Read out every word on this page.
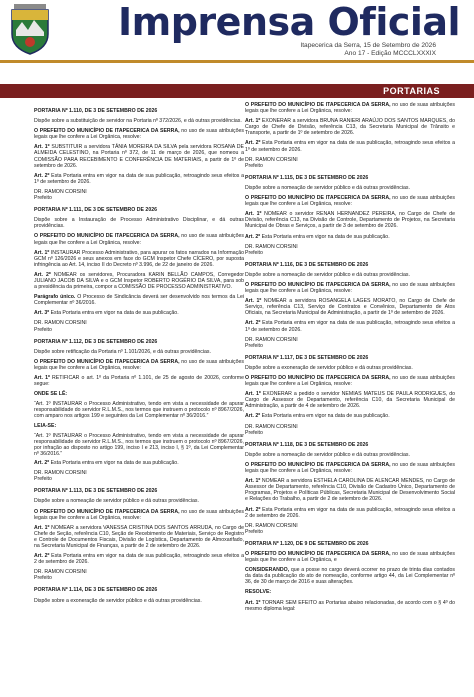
Imprensa Oficial
Itapecerica da Serra, 15 de Setembro de 2026
Ano 17 - Edição MCCCLXXXIX
PORTARIAS

PORTARIA Nº 1.110, DE 3 DE SETEMBRO DE 2026

Dispõe sobre a substituição de servidor na Portaria nº 372/2026, e dá outras providências.

O PREFEITO DO MUNICÍPIO DE ITAPECERICA DA SERRA, no uso de suas atribuições legais que lhe confere a Lei Orgânica, resolve:

Art. 1º SUBSTITUIR a servidora TÂNIA MOREIRA DA SILVA pela servidora ROSANA DE ALMEIDA CELESTINO, na Portaria nº 372, de 11 de março de 2026, que nomeou a COMISSÃO PARA RECEBIMENTO E CONFERÊNCIA DE MATERIAIS, a partir de 1º de setembro de 2026.

Art. 2º Esta Portaria entra em vigor na data de sua publicação, retroagindo seus efeitos a 1º de setembro de 2026.

DR. RAMON CORSINI

Prefeito

PORTARIA Nº 1.111, DE 3 DE SETEMBRO DE 2026

Dispõe sobre a Instauração de Processo Administrativo Disciplinar, e dá outras providências.

O PREFEITO DO MUNICÍPIO DE ITAPECERICA DA SERRA, no uso de suas atribuições legais que lhe confere a Lei Orgânica, resolve:

Art. 1º INSTAURAR Processo Administrativo, para apurar os fatos narrados na Informação GCM nº 126/2026 e seus anexos em face do GCM Inspetor Chefe CÍCERO, por suposta infringência ao Art. 14, inciso II do Decreto nº 3.996, de 22 de janeiro de 2026.

Art. 2º NOMEAR os servidores, Procuradora KARIN BELLÃO CAMPOS, Corregedor JULIANO JACOB DA SILVA e o GCM Inspetor ROBERTO ROGÉRIO DA SILVA, para sob a presidência da primeira, compor a COMISSÃO DE PROCESSO ADMINISTRATIVO.

Parágrafo único. O Processo de Sindicância deverá ser desenvolvido nos termos da Lei Complementar nº 36/2016.

Art. 3º Esta Portaria entra em vigor na data de sua publicação.

DR. RAMON CORSINI

Prefeito

PORTARIA Nº 1.112, DE 3 DE SETEMBRO DE 2026

Dispõe sobre retificação da Portaria nº 1.101/2026, e dá outras providências.

O PREFEITO DO MUNICÍPIO DE ITAPECERICA DA SERRA, no uso de suas atribuições legais que lhe confere a Lei Orgânica, resolve:

Art. 1º RETIFICAR o art. 1º da Portaria nº 1.101, de 25 de agosto de 20026, conforme segue:

ONDE SE LÊ:

“Art. 1º INSTAURAR o Processo Administrativo, tendo em vista a necessidade de apurar responsabilidade do servidor R.L.M.S., nos termos que instruem o protocolo nº 8967/2026, com amparo nos artigos 199 e seguintes da Lei Complementar nº 36/2016.”

LEIA-SE:

“Art. 1º INSTAURAR o Processo Administrativo, tendo em vista a necessidade de apurar responsabilidade do servidor R.L.M.S., nos termos que instruem o protocolo nº 8967/2026, por infração ao disposto no artigo 199, inciso I e 213, inciso I, § 1º, da Lei Complementar nº 36/2016.”

Art. 2º Esta Portaria entra em vigor na data de sua publicação.

DR. RAMON CORSINI

Prefeito

PORTARIA Nº 1.113, DE 3 DE SETEMBRO DE 2026

Dispõe sobre a nomeação de servidor público e dá outras providências.

O PREFEITO DO MUNICÍPIO DE ITAPECERICA DA SERRA, no uso de suas atribuições legais que lhe confere a Lei Orgânica, resolve:

Art. 1º NOMEAR a servidora VANESSA CRISTINA DOS SANTOS ARRUDA, no Cargo de Chefe de Seção, referência C10, Seção de Recebimento de Materiais, Serviço de Registro e Controle de Documentos Fiscais, Divisão de Logística, Departamento de Almoxarifado, na Secretaria Municipal de Finanças, a partir de 2 de setembro de 2026.

Art. 2º Esta Portaria entra em vigor na data de sua publicação, retroagindo seus efeitos a 2 de setembro de 2026.

DR. RAMON CORSINI

Prefeito

PORTARIA Nº 1.114, DE 3 DE SETEMBRO DE 2026

Dispõe sobre a exoneração de servidor público e dá outras providências.

O PREFEITO DO MUNICÍPIO DE ITAPECERICA DA SERRA, no uso de suas atribuições legais que lhe confere a Lei Orgânica, resolve:

Art. 1º EXONERAR a servidora BRUNA RANIERI ARAÚJO DOS SANTOS MARQUES, do Cargo de Chefe de Divisão, referência C13, da Secretaria Municipal de Trânsito e Transporte, a partir de 1º de setembro de 2026.

Art. 2º Esta Portaria entra em vigor na data de sua publicação, retroagindo seus efeitos a 1º de setembro de 2026.

DR. RAMON CORSINI

Prefeito

PORTARIA Nº 1.115, DE 3 DE SETEMBRO DE 2026

Dispõe sobre a nomeação de servidor público e dá outras providências.

O PREFEITO DO MUNICÍPIO DE ITAPECERICA DA SERRA, no uso de suas atribuições legais que lhe confere a Lei Orgânica, resolve:

Art. 1º NOMEAR o servidor RENAN HERNANDEZ PEREIRA, no Cargo de Chefe de Divisão, referência C13, na Divisão de Controle, Departamento de Projetos, na Secretaria Municipal de Obras e Serviços, a partir de 3 de setembro de 2026.

Art. 2º Esta Portaria entra em vigor na data de sua publicação.

DR. RAMON CORSINI

Prefeito

PORTARIA Nº 1.116, DE 3 DE SETEMBRO DE 2026

Dispõe sobre a nomeação de servidor público e dá outras providências.

O PREFEITO DO MUNICÍPIO DE ITAPECERICA DA SERRA, no uso de suas atribuições legais que lhe confere a Lei Orgânica, resolve:

Art. 1º NOMEAR a servidora ROSANGELA LAGES MORATO, no Cargo de Chefe de Serviço, referência C13, Serviço de Contratos e Convênios, Departamento de Atos Oficiais, na Secretaria Municipal de Administração, a partir de 1º de setembro de 2026.

Art. 2º Esta Portaria entra em vigor na data de sua publicação, retroagindo seus efeitos a 1º de setembro de 2026.

DR. RAMON CORSINI

Prefeito

PORTARIA Nº 1.117, DE 3 DE SETEMBRO DE 2026

Dispõe sobre a exoneração de servidor público e dá outras providências.

O PREFEITO DO MUNICÍPIO DE ITAPECERICA DA SERRA, no uso de suas atribuições legais que lhe confere a Lei Orgânica, resolve:

Art. 1º EXONERAR a pedido o servidor NEMIAS MATEUS DE PAULA RODRIGUES, do Cargo de Assessor de Departamento, referência C10, da Secretaria Municipal de Administração, a partir de 4 de setembro de 2026.

Art. 2º Esta Portaria entra em vigor na data de sua publicação.

DR. RAMON CORSINI

Prefeito

PORTARIA Nº 1.118, DE 3 DE SETEMBRO DE 2026

Dispõe sobre a nomeação de servidor público e dá outras providências.

O PREFEITO DO MUNICÍPIO DE ITAPECERICA DA SERRA, no uso de suas atribuições legais que lhe confere a Lei Orgânica, resolve:

Art. 1º NOMEAR a servidora ESTHELA CAROLINA DE ALENCAR MENDES, no Cargo de Assessor de Departamento, referência C10, Divisão de Cadastro Único, Departamento de Programas, Projetos e Políticas Públicas, Secretaria Municipal de Desenvolvimento Social e Relações do Trabalho, a partir de 2 de setembro de 2026.

Art. 2º Esta Portaria entra em vigor na data de sua publicação, retroagindo seus efeitos a 2 de setembro de 2026.

DR. RAMON CORSINI

Prefeito

PORTARIA Nº 1.120, DE 9 DE SETEMBRO DE 2026

O PREFEITO DO MUNICÍPIO DE ITAPECERICA DA SERRA, no uso de suas atribuições legais que lhe confere a Lei Orgânica, e

CONSIDERANDO, que a posse no cargo deverá ocorrer no prazo de trinta dias contados da data da publicação do ato de nomeação, conforme artigo 44, da Lei Complementar nº 36, de 30 de março de 2016 e suas alterações.

RESOLVE:

Art. 1º TORNAR SEM EFEITO as Portarias abaixo relacionadas, de acordo com o § 4º do mesmo diploma legal:
